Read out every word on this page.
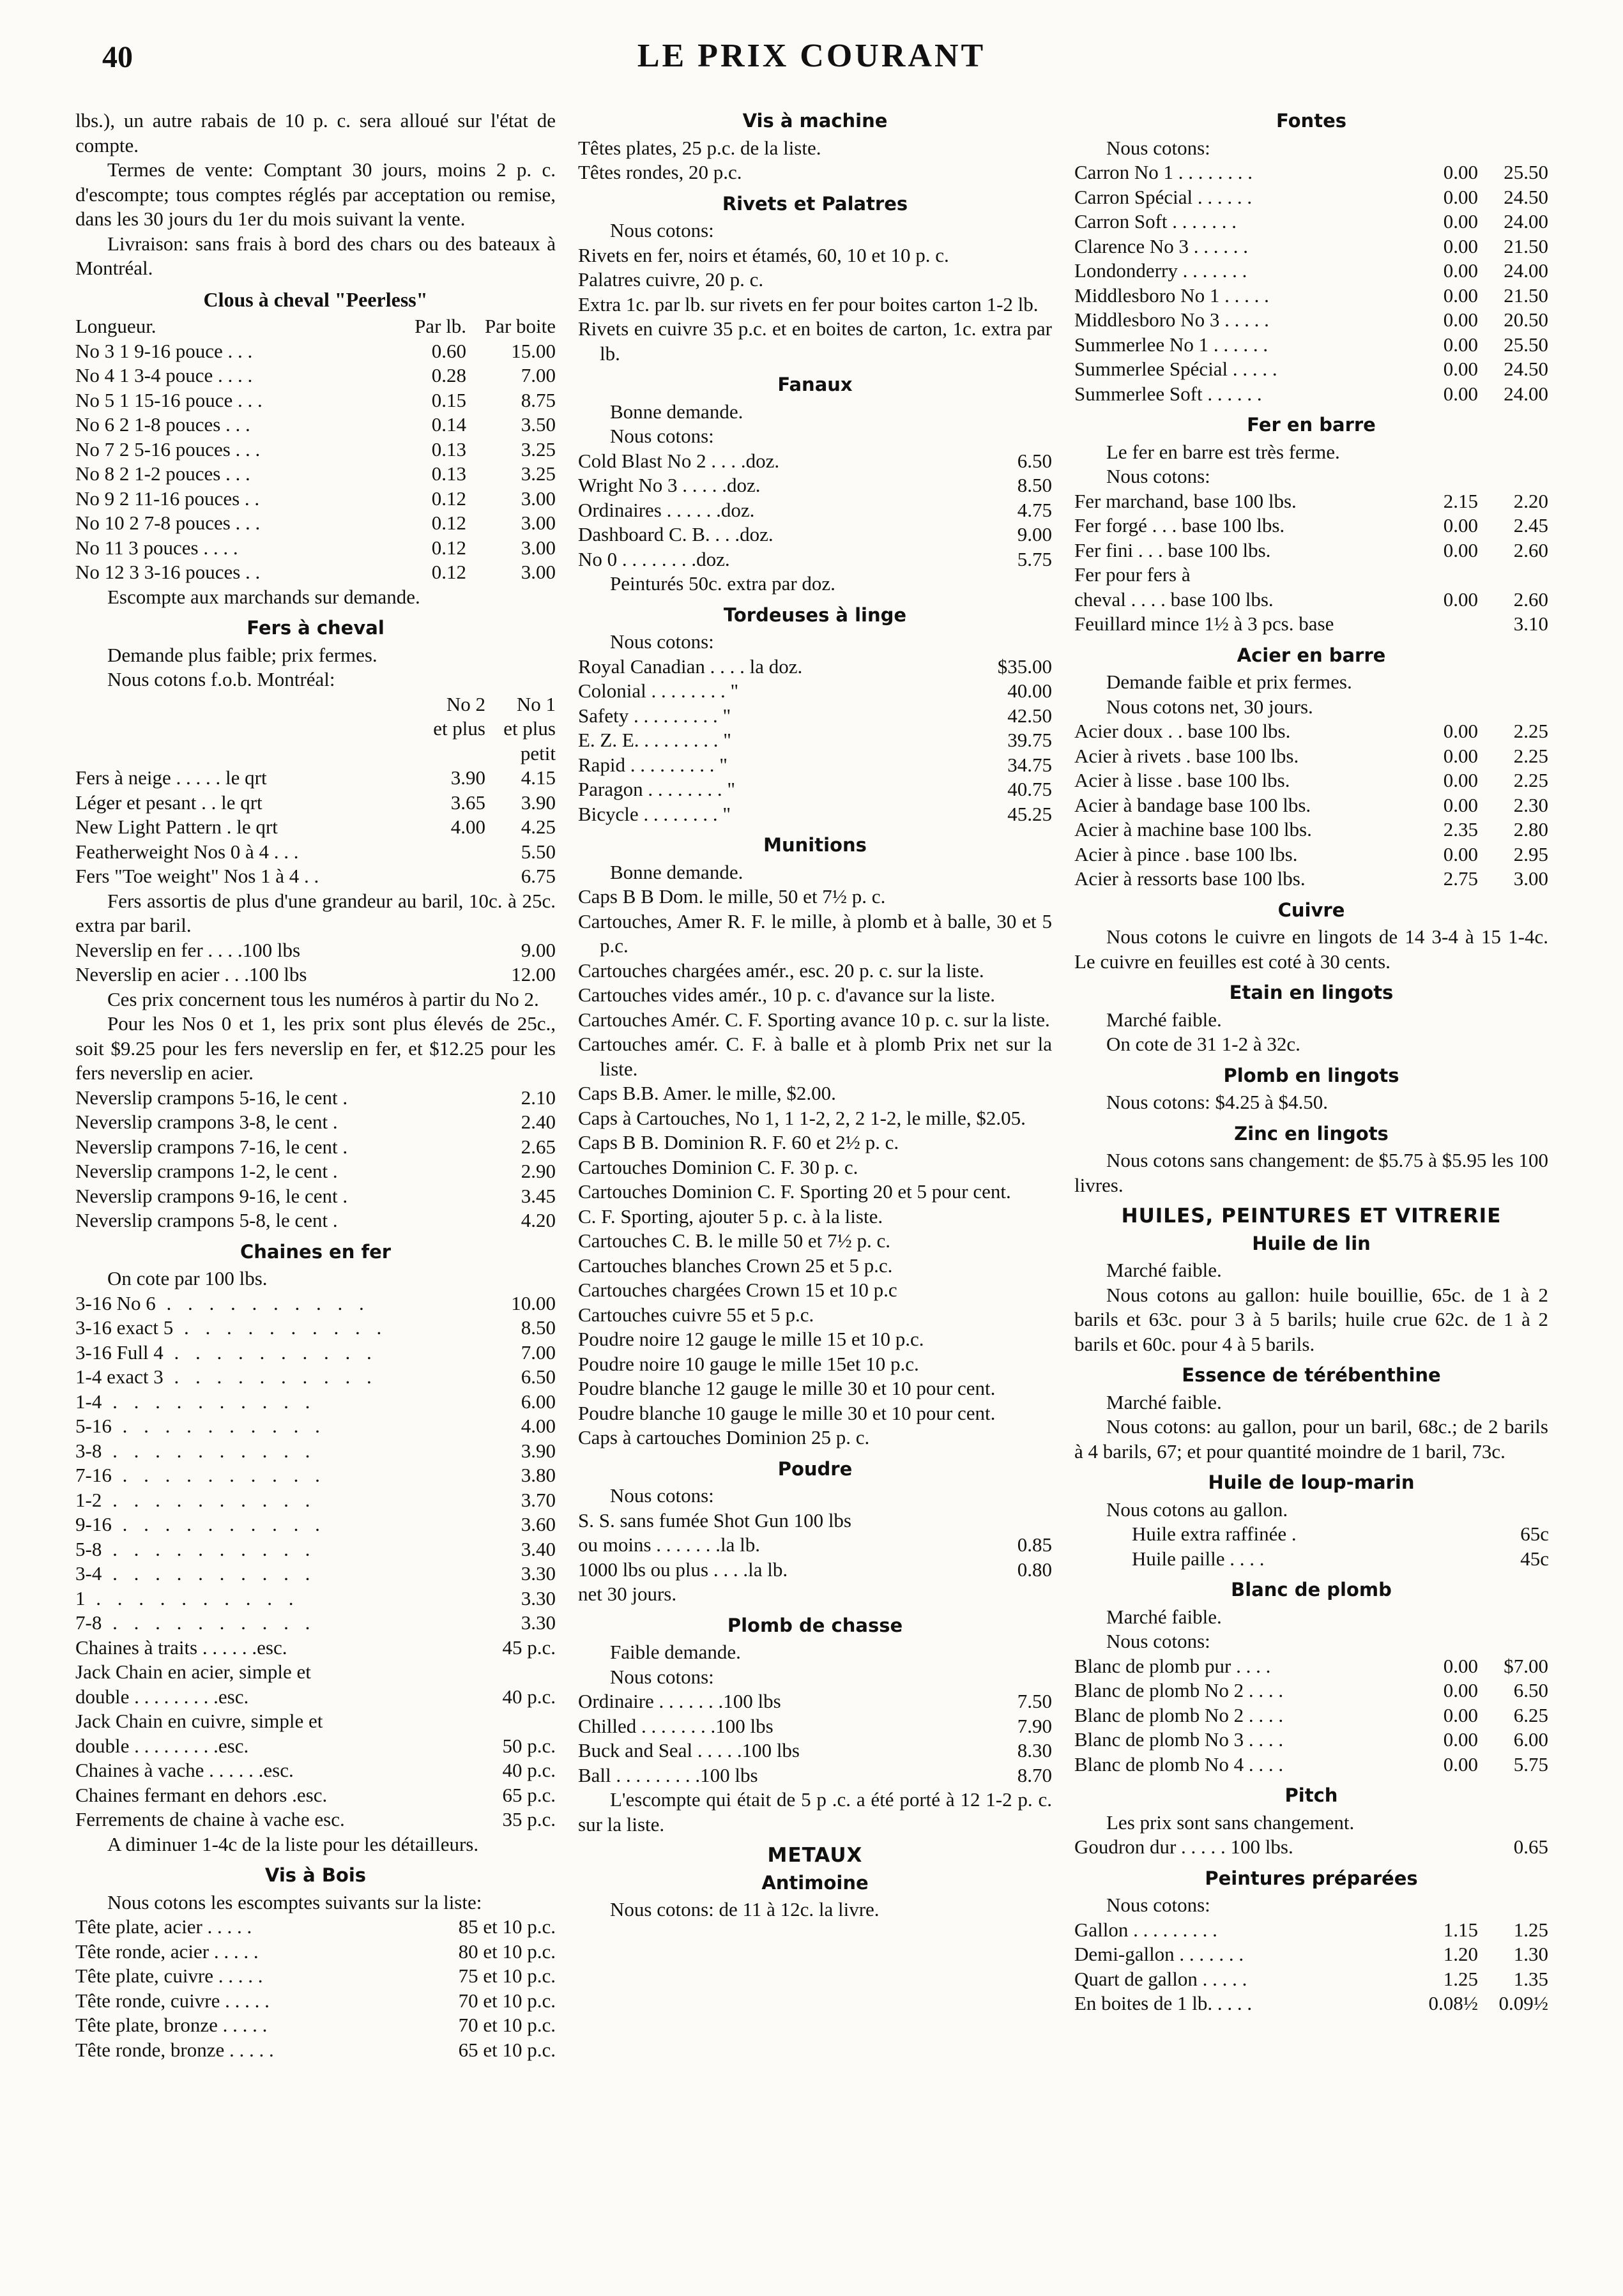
40	LE PRIX COURANT

lbs.), un autre rabais de 10 p. c. sera alloué sur l'état de compte.

Termes de vente: Comptant 30 jours, moins 2 p. c. d'escompte; tous comptes réglés par acceptation ou remise, dans les 30 jours du 1er du mois suivant la vente.

Livraison: sans frais à bord des chars ou des bateaux à Montréal.

Clous à cheval "Peerless"
Longueur.	Par lb.	Par boite
No 3 1 9-16 pouce . . .	0.60	15.00
No 4 1 3-4 pouce . . . .	0.28	7.00
No 5 1 15-16 pouce . . .	0.15	8.75
No 6 2 1-8 pouces . . .	0.14	3.50
No 7 2 5-16 pouces . . .	0.13	3.25
No 8 2 1-2 pouces . . .	0.13	3.25
No 9 2 11-16 pouces . .	0.12	3.00
No 10 2 7-8 pouces . . .	0.12	3.00
No 11 3 pouces . . . .	0.12	3.00
No 12 3 3-16 pouces . .	0.12	3.00

Escompte aux marchands sur demande.

Fers à cheval

Demande plus faible; prix fermes.

Nous cotons f.o.b. Montréal:

	No 2	No 1
	et plus	et plus
		petit
Fers à neige . . . . . le qrt	3.90	4.15
Léger et pesant . . le qrt	3.65	3.90
New Light Pattern . le qrt	4.00	4.25
Featherweight Nos 0 à 4 . . .		5.50
Fers "Toe weight" Nos 1 à 4 . .		6.75

Fers assortis de plus d'une grandeur au baril, 10c. à 25c. extra par baril.

Neverslip en fer . . . .100 lbs	9.00
Neverslip en acier . . .100 lbs	12.00

Ces prix concernent tous les numéros à partir du No 2.

Pour les Nos 0 et 1, les prix sont plus élevés de 25c., soit $9.25 pour les fers neverslip en fer, et $12.25 pour les fers neverslip en acier.

Neverslip crampons 5-16, le cent .	2.10
Neverslip crampons 3-8, le cent .	2.40
Neverslip crampons 7-16, le cent .	2.65
Neverslip crampons 1-2, le cent .	2.90
Neverslip crampons 9-16, le cent .	3.45
Neverslip crampons 5-8, le cent .	4.20
Chaines en fer

On cote par 100 lbs.

3-16 No 6 . . . . . . . . . .	10.00
3-16 exact 5 . . . . . . . . . .	8.50
3-16 Full 4 . . . . . . . . . .	7.00
1-4 exact 3 . . . . . . . . . .	6.50
1-4 . . . . . . . . . .	6.00
5-16 . . . . . . . . . .	4.00
3-8 . . . . . . . . . .	3.90
7-16 . . . . . . . . . .	3.80
1-2 . . . . . . . . . .	3.70
9-16 . . . . . . . . . .	3.60
5-8 . . . . . . . . . .	3.40
3-4 . . . . . . . . . .	3.30
1 . . . . . . . . . .	3.30
7-8 . . . . . . . . . .	3.30
Chaines à traits . . . . . .esc.	45 p.c.
Jack Chain en acier, simple et	
double . . . . . . . . .esc.	40 p.c.
Jack Chain en cuivre, simple et	
double . . . . . . . . .esc.	50 p.c.
Chaines à vache . . . . . .esc.	40 p.c.
Chaines fermant en dehors .esc.	65 p.c.
Ferrements de chaine à vache esc.	35 p.c.

A diminuer 1-4c de la liste pour les détailleurs.

Vis à Bois

Nous cotons les escomptes suivants sur la liste:

Tête plate, acier . . . . .	85 et 10 p.c.
Tête ronde, acier . . . . .	80 et 10 p.c.
Tête plate, cuivre . . . . .	75 et 10 p.c.
Tête ronde, cuivre . . . . .	70 et 10 p.c.
Tête plate, bronze . . . . .	70 et 10 p.c.
Tête ronde, bronze . . . . .	65 et 10 p.c.
Vis à machine

Têtes plates, 25 p.c. de la liste.

Têtes rondes, 20 p.c.

Rivets et Palatres

Nous cotons:

Rivets en fer, noirs et étamés, 60, 10 et 10 p. c.

Palatres cuivre, 20 p. c.

Extra 1c. par lb. sur rivets en fer pour boites carton 1-2 lb.

Rivets en cuivre 35 p.c. et en boites de carton, 1c. extra par lb.

Fanaux

Bonne demande.

Nous cotons:

Cold Blast No 2 . . . .doz.	6.50
Wright No 3 . . . . .doz.	8.50
Ordinaires . . . . . .doz.	4.75
Dashboard C. B. . . .doz.	9.00
No 0 . . . . . . . .doz.	5.75

Peinturés 50c. extra par doz.

Tordeuses à linge

Nous cotons:

Royal Canadian . . . . la doz.	$35.00
Colonial . . . . . . . . "	40.00
Safety . . . . . . . . . "	42.50
E. Z. E. . . . . . . . . "	39.75
Rapid . . . . . . . . . "	34.75
Paragon . . . . . . . . "	40.75
Bicycle . . . . . . . . "	45.25
Munitions

Bonne demande.

Caps B B Dom. le mille, 50 et 7½ p. c.

Cartouches, Amer R. F. le mille, à plomb et à balle, 30 et 5 p.c.

Cartouches chargées amér., esc. 20 p. c. sur la liste.

Cartouches vides amér., 10 p. c. d'avance sur la liste.

Cartouches Amér. C. F. Sporting avance 10 p. c. sur la liste.

Cartouches amér. C. F. à balle et à plomb Prix net sur la liste.

Caps B.B. Amer. le mille, $2.00.

Caps à Cartouches, No 1, 1 1-2, 2, 2 1-2, le mille, $2.05.

Caps B B. Dominion R. F. 60 et 2½ p. c.

Cartouches Dominion C. F. 30 p. c.

Cartouches Dominion C. F. Sporting 20 et 5 pour cent.

C. F. Sporting, ajouter 5 p. c. à la liste.

Cartouches C. B. le mille 50 et 7½ p. c.

Cartouches blanches Crown 25 et 5 p.c.

Cartouches chargées Crown 15 et 10 p.c

Cartouches cuivre 55 et 5 p.c.

Poudre noire 12 gauge le mille 15 et 10 p.c.

Poudre noire 10 gauge le mille 15et 10 p.c.

Poudre blanche 12 gauge le mille 30 et 10 pour cent.

Poudre blanche 10 gauge le mille 30 et 10 pour cent.

Caps à cartouches Dominion 25 p. c.

Poudre

Nous cotons:

S. S. sans fumée Shot Gun 100 lbs	
ou moins . . . . . . .la lb.	0.85
1000 lbs ou plus . . . .la lb.	0.80
net 30 jours.	
Plomb de chasse

Faible demande.

Nous cotons:

Ordinaire . . . . . . .100 lbs	7.50
Chilled . . . . . . . .100 lbs	7.90
Buck and Seal . . . . .100 lbs	8.30
Ball . . . . . . . . .100 lbs	8.70

L'escompte qui était de 5 p .c. a été porté à 12 1-2 p. c. sur la liste.

METAUX
Antimoine

Nous cotons: de 11 à 12c. la livre.

Fontes

Nous cotons:

Carron No 1 . . . . . . . .	0.00	25.50
Carron Spécial . . . . . .	0.00	24.50
Carron Soft . . . . . . .	0.00	24.00
Clarence No 3 . . . . . .	0.00	21.50
Londonderry . . . . . . .	0.00	24.00
Middlesboro No 1 . . . . .	0.00	21.50
Middlesboro No 3 . . . . .	0.00	20.50
Summerlee No 1 . . . . . .	0.00	25.50
Summerlee Spécial . . . . .	0.00	24.50
Summerlee Soft . . . . . .	0.00	24.00
Fer en barre

Le fer en barre est très ferme.

Nous cotons:

Fer marchand, base 100 lbs.	2.15	2.20
Fer forgé . . . base 100 lbs.	0.00	2.45
Fer fini . . . base 100 lbs.	0.00	2.60
Fer pour fers à		
cheval . . . . base 100 lbs.	0.00	2.60
Feuillard mince 1½ à 3 pcs. base		3.10
Acier en barre

Demande faible et prix fermes.

Nous cotons net, 30 jours.

Acier doux . . base 100 lbs.	0.00	2.25
Acier à rivets . base 100 lbs.	0.00	2.25
Acier à lisse . base 100 lbs.	0.00	2.25
Acier à bandage base 100 lbs.	0.00	2.30
Acier à machine base 100 lbs.	2.35	2.80
Acier à pince . base 100 lbs.	0.00	2.95
Acier à ressorts base 100 lbs.	2.75	3.00
Cuivre

Nous cotons le cuivre en lingots de 14 3-4 à 15 1-4c. Le cuivre en feuilles est coté à 30 cents.

Etain en lingots

Marché faible.

On cote de 31 1-2 à 32c.

Plomb en lingots

Nous cotons: $4.25 à $4.50.

Zinc en lingots

Nous cotons sans changement: de $5.75 à $5.95 les 100 livres.

HUILES, PEINTURES ET VITRERIE
Huile de lin

Marché faible.

Nous cotons au gallon: huile bouillie, 65c. de 1 à 2 barils et 63c. pour 3 à 5 barils; huile crue 62c. de 1 à 2 barils et 60c. pour 4 à 5 barils.

Essence de térébenthine

Marché faible.

Nous cotons: au gallon, pour un baril, 68c.; de 2 barils à 4 barils, 67; et pour quantité moindre de 1 baril, 73c.

Huile de loup-marin

Nous cotons au gallon.

Huile extra raffinée .	65c
Huile paille . . . .	45c
Blanc de plomb

Marché faible.

Nous cotons:

Blanc de plomb pur . . . .	0.00	$7.00
Blanc de plomb No 2 . . . .	0.00	6.50
Blanc de plomb No 2 . . . .	0.00	6.25
Blanc de plomb No 3 . . . .	0.00	6.00
Blanc de plomb No 4 . . . .	0.00	5.75
Pitch

Les prix sont sans changement.

Goudron dur . . . . . 100 lbs.	0.65
Peintures préparées

Nous cotons:

Gallon . . . . . . . . .	1.15	1.25
Demi-gallon . . . . . . .	1.20	1.30
Quart de gallon . . . . .	1.25	1.35
En boites de 1 lb. . . . .	0.08½	0.09½
